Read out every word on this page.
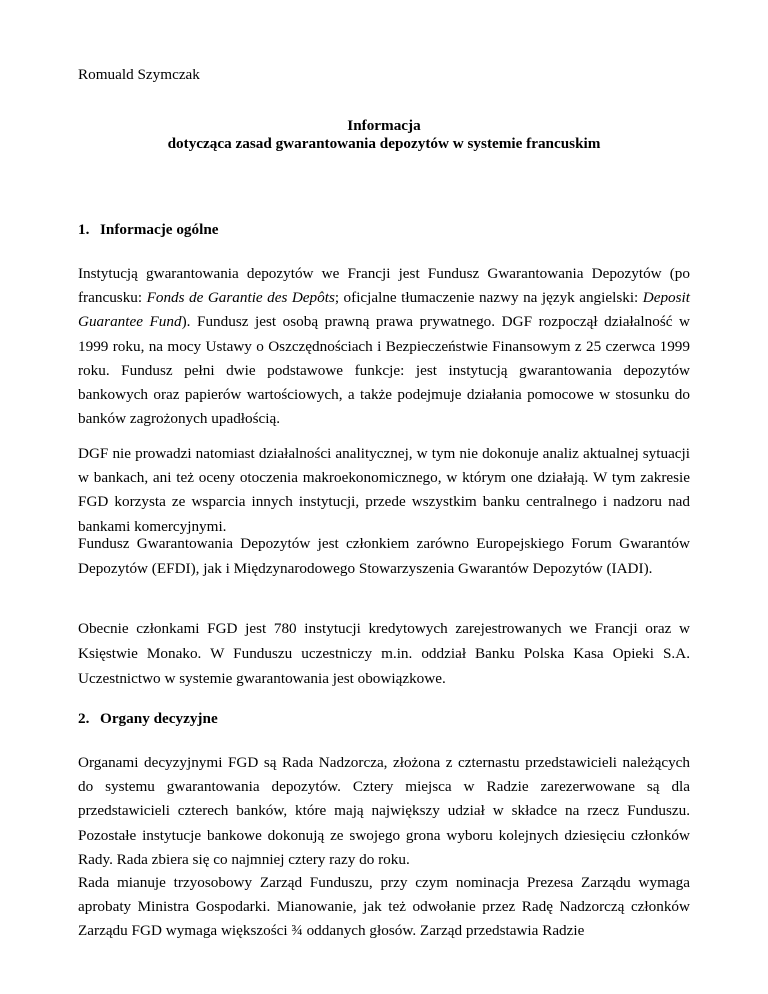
Romuald Szymczak
Informacja
dotycząca zasad gwarantowania depozytów w systemie francuskim
1. Informacje ogólne
Instytucją gwarantowania depozytów we Francji jest Fundusz Gwarantowania Depozytów (po francusku: Fonds de Garantie des Depôts; oficjalne tłumaczenie nazwy na język angielski: Deposit Guarantee Fund). Fundusz jest osobą prawną prawa prywatnego. DGF rozpoczął działalność w 1999 roku, na mocy Ustawy o Oszczędnościach i Bezpieczeństwie Finansowym z 25 czerwca 1999 roku. Fundusz pełni dwie podstawowe funkcje: jest instytucją gwarantowania depozytów bankowych oraz papierów wartościowych, a także podejmuje działania pomocowe w stosunku do banków zagrożonych upadłością.
DGF nie prowadzi natomiast działalności analitycznej, w tym nie dokonuje analiz aktualnej sytuacji w bankach, ani też oceny otoczenia makroekonomicznego, w którym one działają. W tym zakresie FGD korzysta ze wsparcia innych instytucji, przede wszystkim banku centralnego i nadzoru nad bankami komercyjnymi.
Fundusz Gwarantowania Depozytów jest członkiem zarówno Europejskiego Forum Gwarantów Depozytów (EFDI), jak i Międzynarodowego Stowarzyszenia Gwarantów Depozytów (IADI).
Obecnie członkami FGD jest 780 instytucji kredytowych zarejestrowanych we Francji oraz w Księstwie Monako. W Funduszu uczestniczy m.in. oddział Banku Polska Kasa Opieki S.A. Uczestnictwo w systemie gwarantowania jest obowiązkowe.
2. Organy decyzyjne
Organami decyzyjnymi FGD są Rada Nadzorcza, złożona z czternastu przedstawicieli należących do systemu gwarantowania depozytów. Cztery miejsca w Radzie zarezerwowane są dla przedstawicieli czterech banków, które mają największy udział w składce na rzecz Funduszu. Pozostałe instytucje bankowe dokonują ze swojego grona wyboru kolejnych dziesięciu członków Rady. Rada zbiera się co najmniej cztery razy do roku.
Rada mianuje trzyosobowy Zarząd Funduszu, przy czym nominacja Prezesa Zarządu wymaga aprobaty Ministra Gospodarki. Mianowanie, jak też odwołanie przez Radę Nadzorczą członków Zarządu FGD wymaga większości ¾ oddanych głosów. Zarząd przedstawia Radzie
